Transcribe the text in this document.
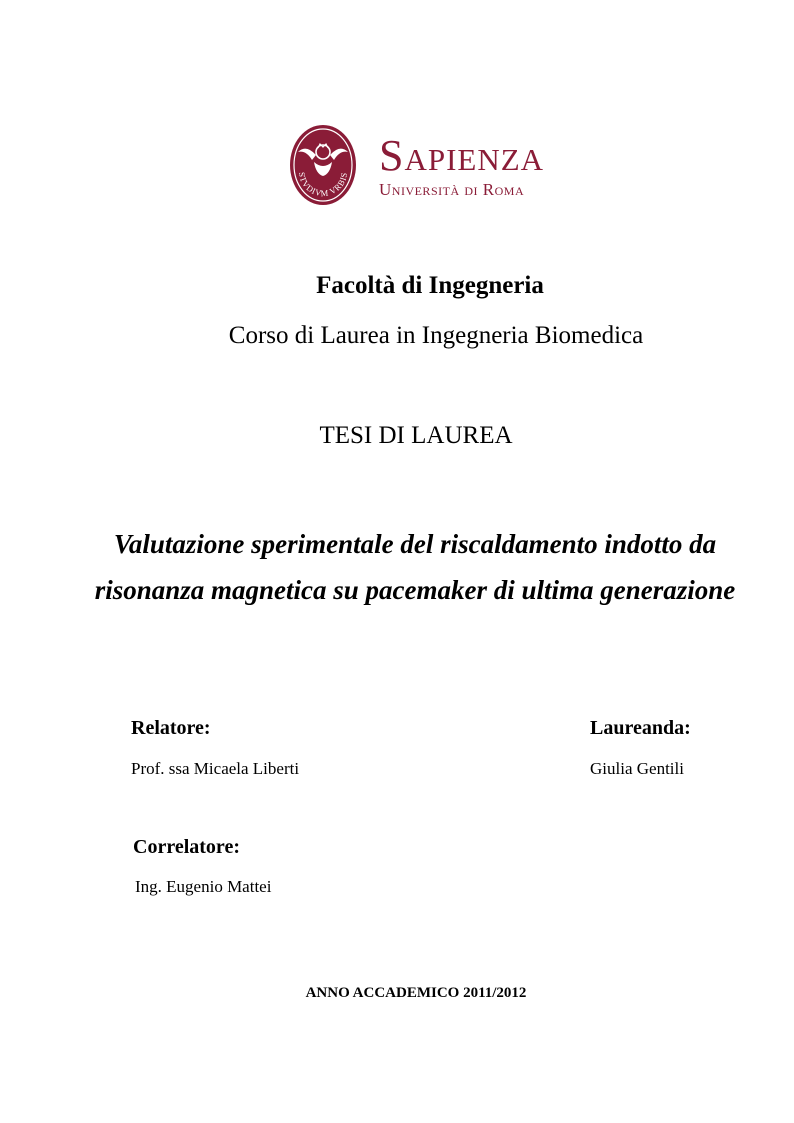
STVDIVM VRBIS Sapienza
Università di Roma
Facoltà di Ingegneria
Corso di Laurea in Ingegneria Biomedica
TESI DI LAUREA
Valutazione sperimentale del riscaldamento indotto da risonanza magnetica su pacemaker di ultima generazione
Relatore:
Prof. ssa Micaela Liberti
Laureanda:
Giulia Gentili
Correlatore:
Ing. Eugenio Mattei
ANNO ACCADEMICO 2011/2012
